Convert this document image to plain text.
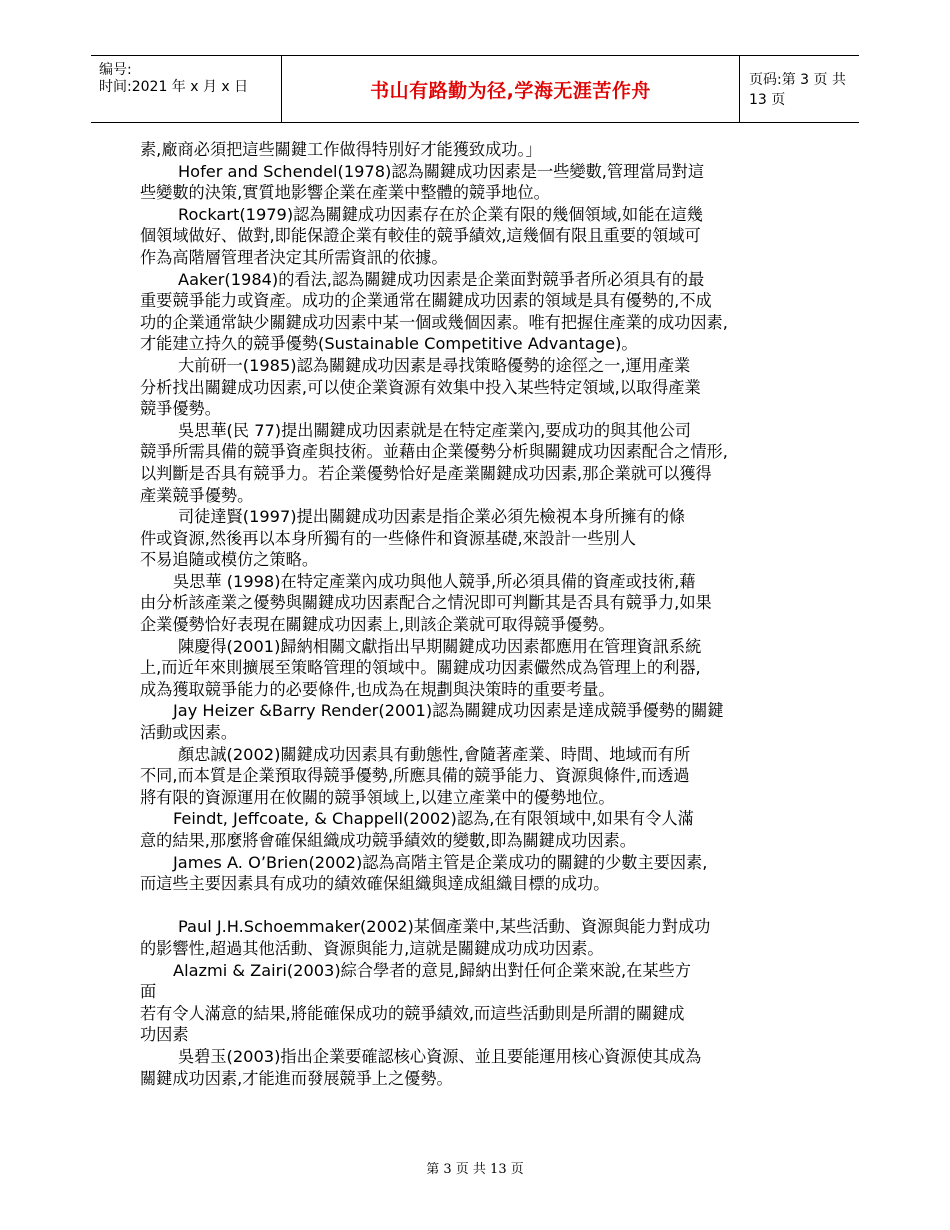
编号:
时间:2021 年 x 月 x 日	书山有路勤为径,学海无涯苦作舟	页码:第 3 页 共 13 页

素,廠商必須把這些關鍵工作做得特別好才能獲致成功。」

Hofer and Schendel(1978)認為關鍵成功因素是一些變數,管理當局對這

些變數的決策,實質地影響企業在產業中整體的競爭地位。

Rockart(1979)認為關鍵成功因素存在於企業有限的幾個領域,如能在這幾

個領域做好、做對,即能保證企業有較佳的競爭績效,這幾個有限且重要的領域可

作為高階層管理者決定其所需資訊的依據。

Aaker(1984)的看法,認為關鍵成功因素是企業面對競爭者所必須具有的最

重要競爭能力或資產。成功的企業通常在關鍵成功因素的領域是具有優勢的,不成

功的企業通常缺少關鍵成功因素中某一個或幾個因素。唯有把握住產業的成功因素,

才能建立持久的競爭優勢(Sustainable Competitive Advantage)。

大前研一(1985)認為關鍵成功因素是尋找策略優勢的途徑之一,運用產業

分析找出關鍵成功因素,可以使企業資源有效集中投入某些特定領域,以取得產業

競爭優勢。

吳思華(民 77)提出關鍵成功因素就是在特定產業內,要成功的與其他公司

競爭所需具備的競爭資產與技術。並藉由企業優勢分析與關鍵成功因素配合之情形,

以判斷是否具有競爭力。若企業優勢恰好是產業關鍵成功因素,那企業就可以獲得

產業競爭優勢。

司徒達賢(1997)提出關鍵成功因素是指企業必須先檢視本身所擁有的條

件或資源,然後再以本身所獨有的一些條件和資源基礎,來設計一些別人

不易追隨或模仿之策略。

吳思華 (1998)在特定產業內成功與他人競爭,所必須具備的資產或技術,藉

由分析該產業之優勢與關鍵成功因素配合之情況即可判斷其是否具有競爭力,如果

企業優勢恰好表現在關鍵成功因素上,則該企業就可取得競爭優勢。

陳慶得(2001)歸納相關文獻指出早期關鍵成功因素都應用在管理資訊系統

上,而近年來則擴展至策略管理的領域中。關鍵成功因素儼然成為管理上的利器,

成為獲取競爭能力的必要條件,也成為在規劃與決策時的重要考量。

Jay Heizer &Barry Render(2001)認為關鍵成功因素是達成競爭優勢的關鍵

活動或因素。

顏忠誠(2002)關鍵成功因素具有動態性,會隨著產業、時間、地域而有所

不同,而本質是企業預取得競爭優勢,所應具備的競爭能力、資源與條件,而透過

將有限的資源運用在攸關的競爭領域上,以建立產業中的優勢地位。

Feindt, Jeffcoate, & Chappell(2002)認為,在有限領域中,如果有令人滿

意的結果,那麼將會確保組織成功競爭績效的變數,即為關鍵成功因素。

James A. O’Brien(2002)認為高階主管是企業成功的關鍵的少數主要因素,

而這些主要因素具有成功的績效確保組織與達成組織目標的成功。

Paul J.H.Schoemmaker(2002)某個產業中,某些活動、資源與能力對成功

的影響性,超過其他活動、資源與能力,這就是關鍵成功成功因素。

Alazmi & Zairi(2003)綜合學者的意見,歸納出對任何企業來說,在某些方

面

若有令人滿意的結果,將能確保成功的競爭績效,而這些活動則是所謂的關鍵成

功因素

吳碧玉(2003)指出企業要確認核心資源、並且要能運用核心資源使其成為

關鍵成功因素,才能進而發展競爭上之優勢。

第 3 页 共 13 页
